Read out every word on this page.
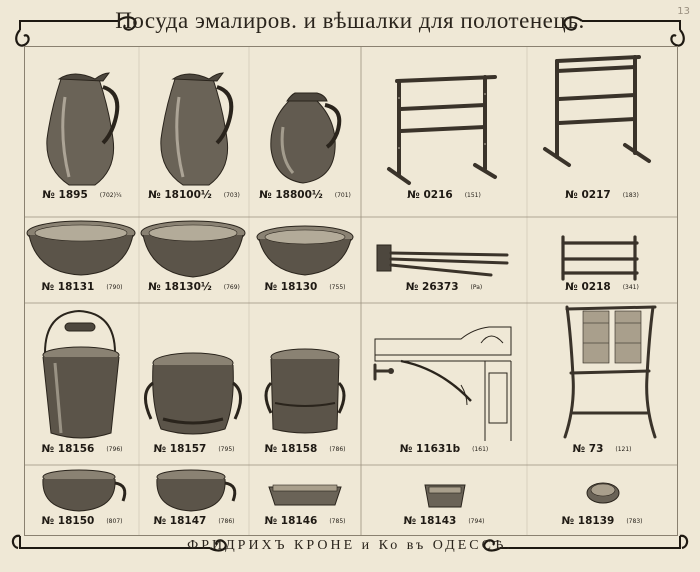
Посуда эмалиров. и вѣшалки для полотенецъ.	13
№ 1895 (702)¼	№ 18100½ (703)	№ 18800½ (701)	№ 0216 (151)	№ 0217 (183)
№ 18131 (790)	№ 18130½ (769)	№ 18130 (755)	№ 26373 (Pa)	№ 0218 (341)
№ 18156 (796)	№ 18157 (795)	№ 18158 (786)	№ 11631b (161)	№ 73 (121)
№ 18150 (807)	№ 18147 (786)	№ 18146 (785)	№ 18143 (794)	№ 18139 (783)
ФРИДРИХЪ КРОНЕ и Ко въ ОДЕССѢ.
